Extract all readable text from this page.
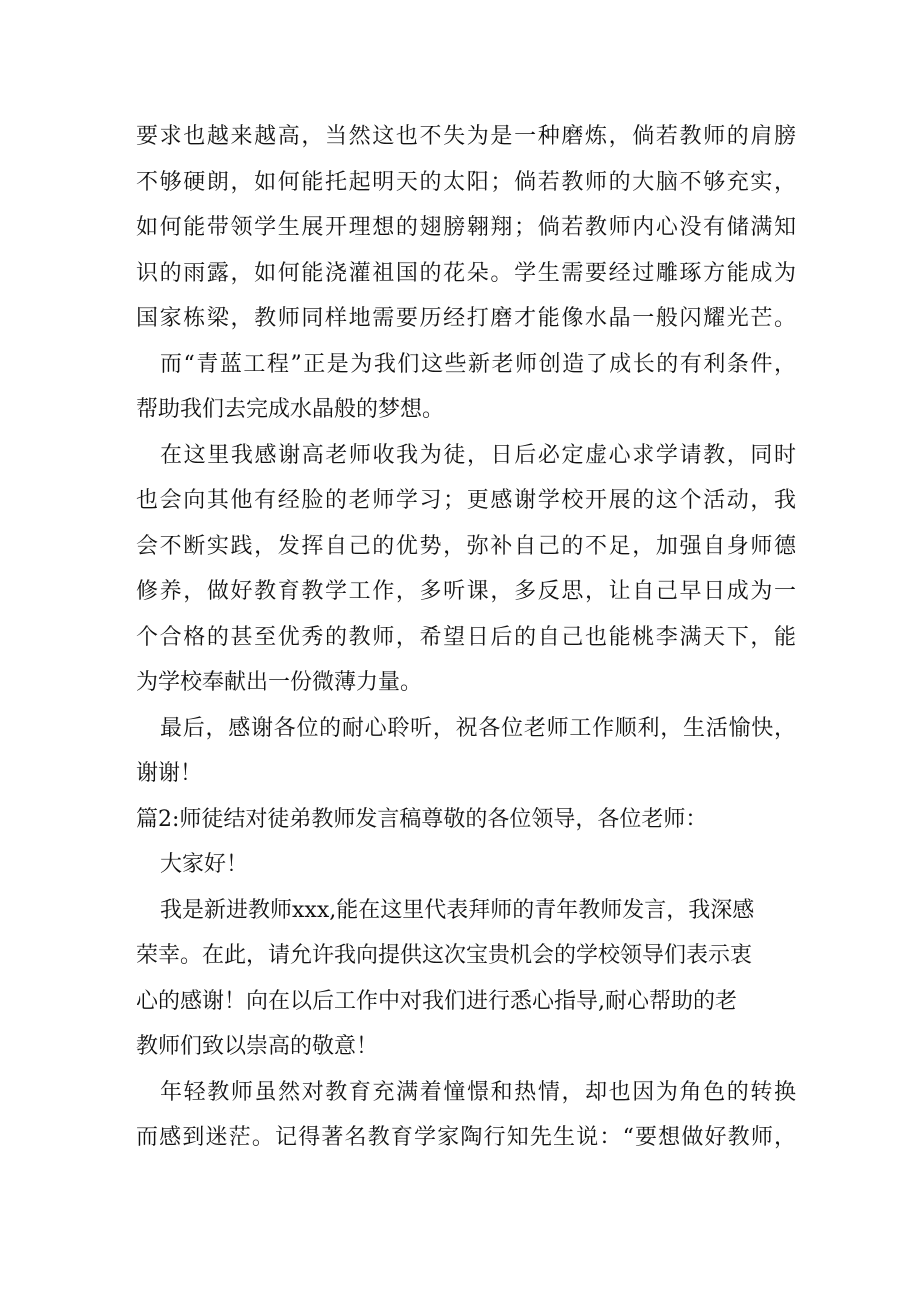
要求也越来越高，当然这也不失为是一种磨炼，倘若教师的肩膀
不够硬朗，如何能托起明天的太阳；倘若教师的大脑不够充实，
如何能带领学生展开理想的翅膀翱翔；倘若教师内心没有储满知
识的雨露，如何能浇灌祖国的花朵。学生需要经过雕琢方能成为
国家栋梁，教师同样地需要历经打磨才能像水晶一般闪耀光芒。
而“青蓝工程”正是为我们这些新老师创造了成长的有利条件，
帮助我们去完成水晶般的梦想。
在这里我感谢高老师收我为徒，日后必定虚心求学请教，同时
也会向其他有经脸的老师学习；更感谢学校开展的这个活动，我
会不断实践，发挥自己的优势，弥补自己的不足，加强自身师德
修养，做好教育教学工作，多听课，多反思，让自己早日成为一
个合格的甚至优秀的教师，希望日后的自己也能桃李满天下，能
为学校奉献出一份微薄力量。
最后，感谢各位的耐心聆听，祝各位老师工作顺利，生活愉快，
谢谢！
篇2:师徒结对徒弟教师发言稿尊敬的各位领导，各位老师：
大家好！
我是新进教师xxx,能在这里代表拜师的青年教师发言，我深感
荣幸。在此，请允许我向提供这次宝贵机会的学校领导们表示衷
心的感谢！向在以后工作中对我们进行悉心指导,耐心帮助的老
教师们致以崇高的敬意！
年轻教师虽然对教育充满着憧憬和热情，却也因为角色的转换
而感到迷茫。记得著名教育学家陶行知先生说：“要想做好教师，
